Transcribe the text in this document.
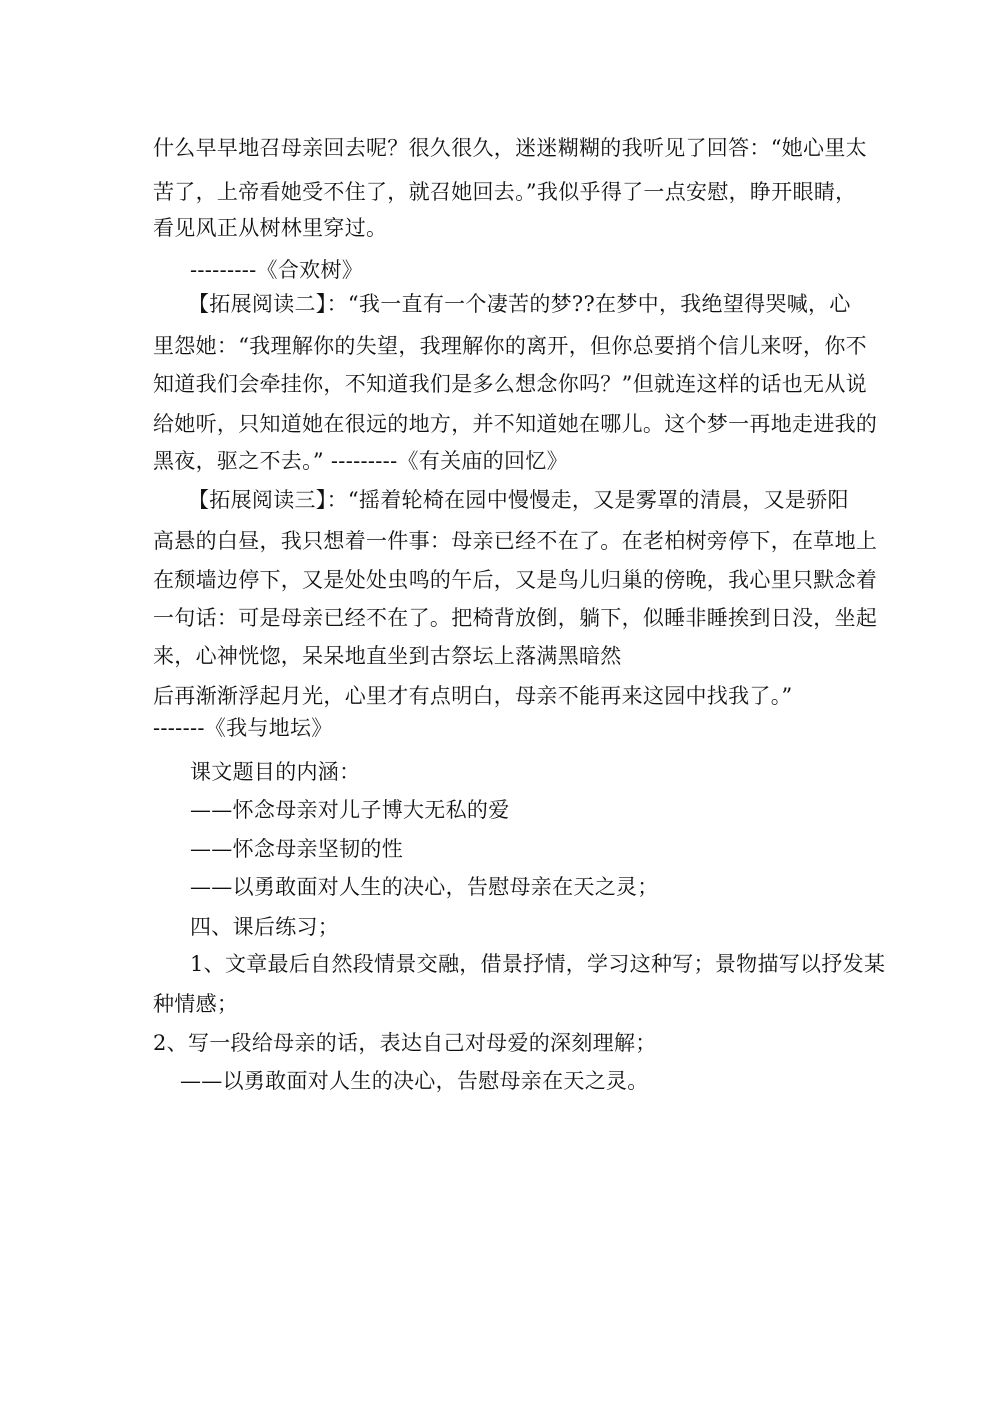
什么早早地召母亲回去呢？很久很久，迷迷糊糊的我听见了回答：“她心里太
苦了，上帝看她受不住了，就召她回去。”我似乎得了一点安慰，睁开眼睛，
看见风正从树林里穿过。
---------《合欢树》
【拓展阅读二】：“我一直有一个凄苦的梦??在梦中，我绝望得哭喊，心
里怨她：“我理解你的失望，我理解你的离开，但你总要捎个信儿来呀，你不
知道我们会牵挂你，不知道我们是多么想念你吗？”但就连这样的话也无从说
给她听，只知道她在很远的地方，并不知道她在哪儿。这个梦一再地走进我的
黑夜，驱之不去。” ---------《有关庙的回忆》
【拓展阅读三】：“摇着轮椅在园中慢慢走，又是雾罩的清晨，又是骄阳
高悬的白昼，我只想着一件事：母亲已经不在了。在老柏树旁停下，在草地上
在颓墙边停下，又是处处虫鸣的午后，又是鸟儿归巢的傍晚，我心里只默念着
一句话：可是母亲已经不在了。把椅背放倒，躺下，似睡非睡挨到日没，坐起
来，心神恍惚，呆呆地直坐到古祭坛上落满黑暗然
后再渐渐浮起月光，心里才有点明白，母亲不能再来这园中找我了。”
-------《我与地坛》
课文题目的内涵：
——怀念母亲对儿子博大无私的爱
——怀念母亲坚韧的性
——以勇敢面对人生的决心，告慰母亲在天之灵；
四、课后练习；
1、文章最后自然段情景交融，借景抒情，学习这种写；景物描写以抒发某
种情感；
2、写一段给母亲的话，表达自己对母爱的深刻理解；
——以勇敢面对人生的决心，告慰母亲在天之灵。
